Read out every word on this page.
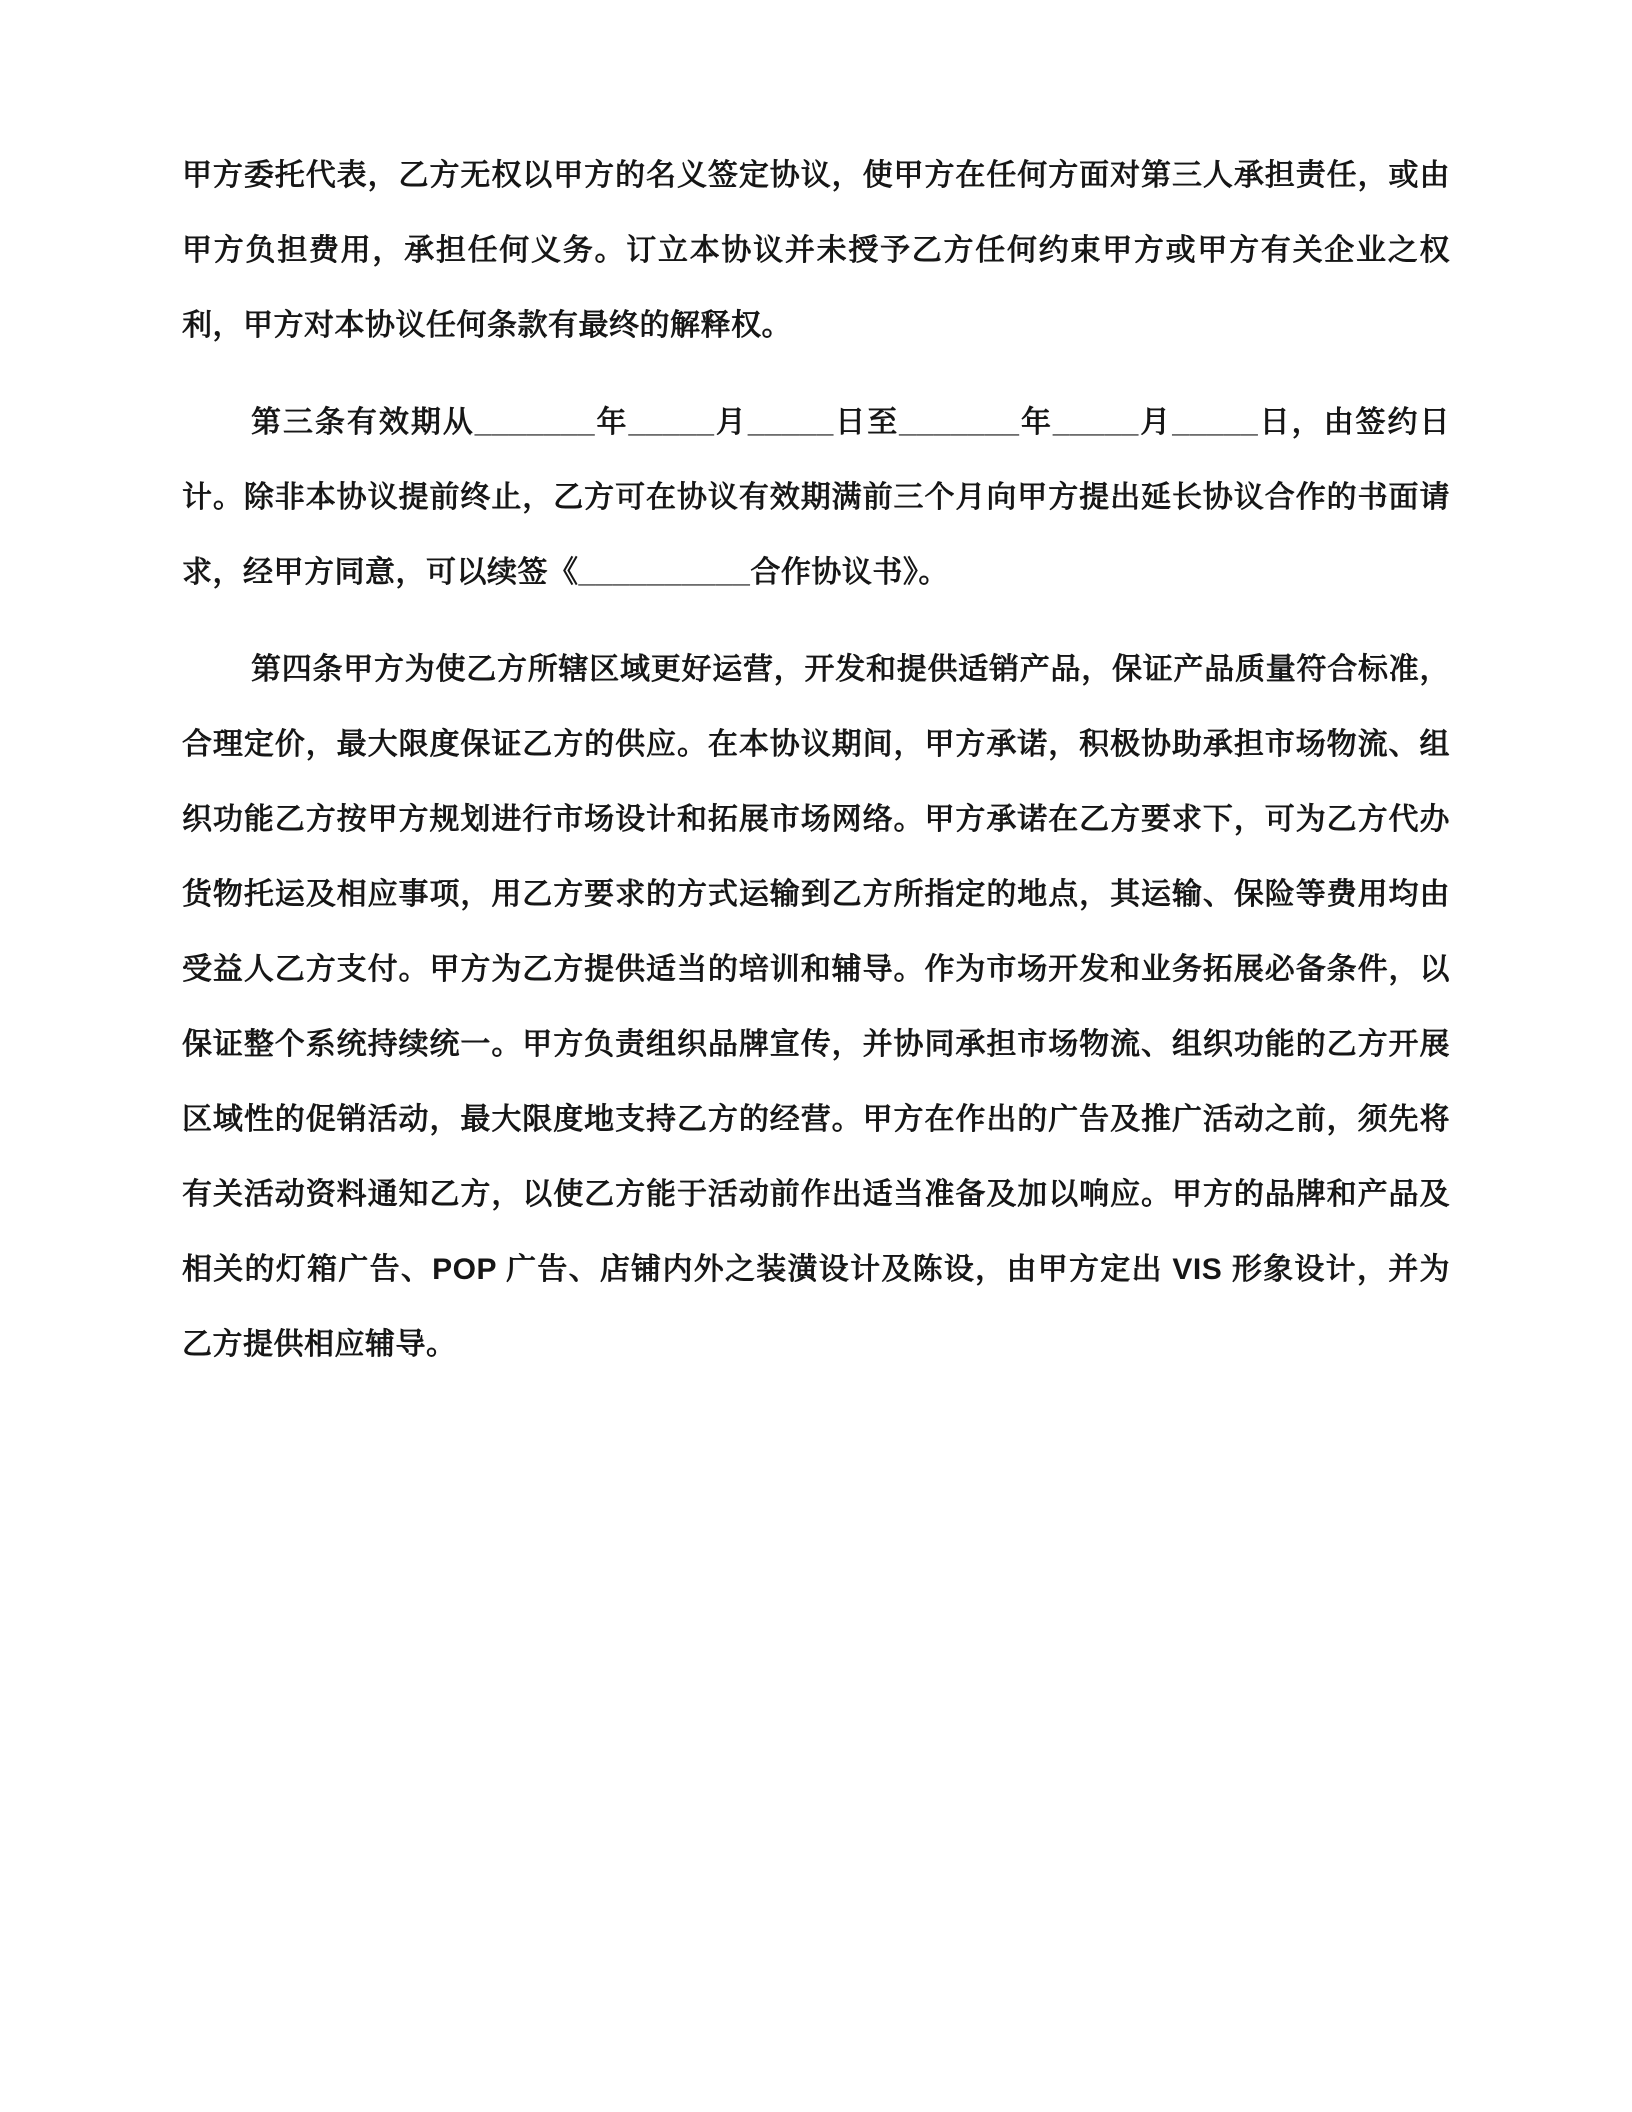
甲方委托代表，乙方无权以甲方的名义签定协议，使甲方在任何方面对第三人承担责任，或由甲方负担费用，承担任何义务。订立本协议并未授予乙方任何约束甲方或甲方有关企业之权利，甲方对本协议任何条款有最终的解释权。

第三条有效期从_______年_____月_____日至_______年_____月_____日，由签约日计。除非本协议提前终止，乙方可在协议有效期满前三个月向甲方提出延长协议合作的书面请求，经甲方同意，可以续签《__________合作协议书》。

第四条甲方为使乙方所辖区域更好运营，开发和提供适销产品，保证产品质量符合标准，合理定价，最大限度保证乙方的供应。在本协议期间，甲方承诺，积极协助承担市场物流、组织功能乙方按甲方规划进行市场设计和拓展市场网络。甲方承诺在乙方要求下，可为乙方代办货物托运及相应事项，用乙方要求的方式运输到乙方所指定的地点，其运输、保险等费用均由受益人乙方支付。甲方为乙方提供适当的培训和辅导。作为市场开发和业务拓展必备条件，以保证整个系统持续统一。甲方负责组织品牌宣传，并协同承担市场物流、组织功能的乙方开展区域性的促销活动，最大限度地支持乙方的经营。甲方在作出的广告及推广活动之前，须先将有关活动资料通知乙方，以使乙方能于活动前作出适当准备及加以响应。甲方的品牌和产品及相关的灯箱广告、POP 广告、店铺内外之装潢设计及陈设，由甲方定出 VIS 形象设计，并为乙方提供相应辅导。
